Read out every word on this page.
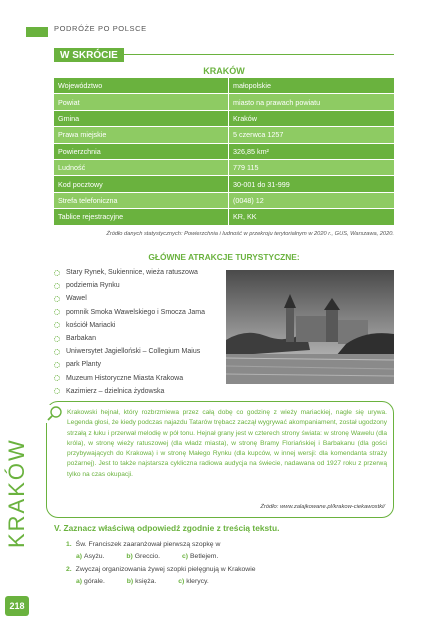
PODRÓŻE PO POLSCE
KRAKÓW
218
W SKRÓCIE
KRAKÓW
Województwo	małopolskie
Powiat	miasto na prawach powiatu
Gmina	Kraków
Prawa miejskie	5 czerwca 1257
Powierzchnia	326,85 km²
Ludność	779 115
Kod pocztowy	30-001 do 31-999
Strefa telefoniczna	(0048) 12
Tablice rejestracyjne	KR, KK
Źródło danych statystycznych: Powierzchnia i ludność w przekroju terytorialnym w 2020 r., GUS, Warszawa, 2020.
GŁÓWNE ATRAKCJE TURYSTYCZNE:
Stary Rynek, Sukiennice, wieża ratuszowa
podziemia Rynku
Wawel
pomnik Smoka Wawelskiego i Smocza Jama
kościół Mariacki
Barbakan
Uniwersytet Jagielloński – Collegium Maius
park Planty
Muzeum Historyczne Miasta Krakowa
Kazimierz – dzielnica żydowska
Krakowski hejnał, który rozbrzmiewa przez całą dobę co godzinę z wieży mariackiej, nagle się urywa. Legenda głosi, że kiedy podczas najazdu Tatarów trębacz zaczął wygrywać akompaniament, został ugodzony strzałą z łuku i przerwał melodię w pół tonu. Hejnał grany jest w czterech strony świata: w stronę Wawelu (dla króla), w stronę wieży ratuszowej (dla władz miasta), w stronę Bramy Floriańskiej i Barbakanu (dla gości przybywających do Krakowa) i w stronę Małego Rynku (dla kupców, w innej wersji: dla komendanta straży pożarnej). Jest to także najstarsza cykliczna radiowa audycja na świecie, nadawana od 1927 roku z przerwą tylko na czas okupacji.
Źródło: www.zalajkowane.pl/krakow-ciekawostki/
V. Zaznacz właściwą odpowiedź zgodnie z treścią tekstu.
1. Św. Franciszek zaaranżował pierwszą szopkę w
a) Asyżu.	b) Greccio.	c) Betlejem.
2. Zwyczaj organizowania żywej szopki pielęgnują w Krakowie
a) górale.	b) księża.	c) klerycy.
